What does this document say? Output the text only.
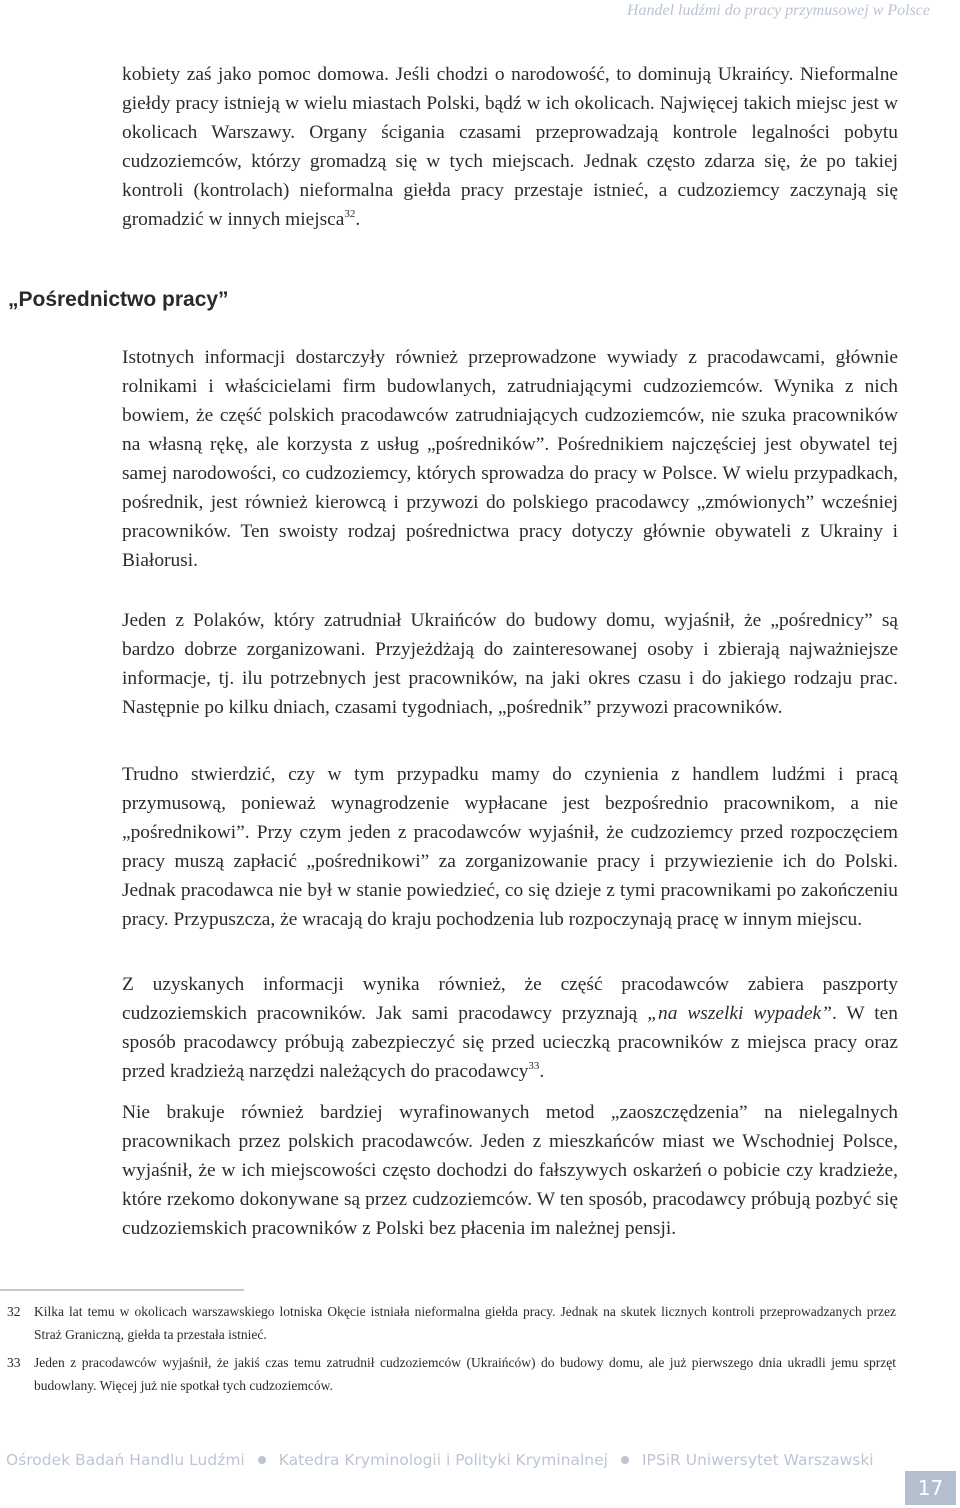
Handel ludźmi do pracy przymusowej w Polsce

kobiety zaś jako pomoc domowa. Jeśli chodzi o narodowość, to dominują Ukraińcy. Nieformalne giełdy pracy istnieją w wielu miastach Polski, bądź w ich okolicach. Najwięcej takich miejsc jest w okolicach Warszawy. Organy ścigania czasami przeprowadzają kontrole legalności pobytu cudzoziemców, którzy gromadzą się w tych miejscach. Jednak często zdarza się, że po takiej kontroli (kontrolach) nieformalna giełda pracy przestaje istnieć, a cudzoziemcy zaczynają się gromadzić w innych miejsca$^{32}$.

„Pośrednictwo pracy”

Istotnych informacji dostarczyły również przeprowadzone wywiady z pracodawcami, głównie rolnikami i właścicielami firm budowlanych, zatrudniającymi cudzoziemców. Wynika z nich bowiem, że część polskich pracodawców zatrudniających cudzoziemców, nie szuka pracowników na własną rękę, ale korzysta z usług „pośredników”. Pośrednikiem najczęściej jest obywatel tej samej narodowości, co cudzoziemcy, których sprowadza do pracy w Polsce. W wielu przypadkach, pośrednik, jest również kierowcą i przywozi do polskiego pracodawcy „zmówionych” wcześniej pracowników. Ten swoisty rodzaj pośrednictwa pracy dotyczy głównie obywateli z Ukrainy i Białorusi.

Jeden z Polaków, który zatrudniał Ukraińców do budowy domu, wyjaśnił, że „pośrednicy” są bardzo dobrze zorganizowani. Przyjeżdżają do zainteresowanej osoby i zbierają najważniejsze informacje, tj. ilu potrzebnych jest pracowników, na jaki okres czasu i do jakiego rodzaju prac. Następnie po kilku dniach, czasami tygodniach, „pośrednik” przywozi pracowników.

Trudno stwierdzić, czy w tym przypadku mamy do czynienia z handlem ludźmi i pracą przymusową, ponieważ wynagrodzenie wypłacane jest bezpośrednio pracownikom, a nie „pośrednikowi”. Przy czym jeden z pracodawców wyjaśnił, że cudzoziemcy przed rozpoczęciem pracy muszą zapłacić „pośrednikowi” za zorganizowanie pracy i przywiezienie ich do Polski. Jednak pracodawca nie był w stanie powiedzieć, co się dzieje z tymi pracownikami po zakończeniu pracy. Przypuszcza, że wracają do kraju pochodzenia lub rozpoczynają pracę w innym miejscu.

Z uzyskanych informacji wynika również, że część pracodawców zabiera paszporty cudzoziemskich pracowników. Jak sami pracodawcy przyznają „na wszelki wypadek”. W ten sposób pracodawcy próbują zabezpieczyć się przed ucieczką pracowników z miejsca pracy oraz przed kradzieżą narzędzi należących do pracodawcy$^{33}$.

Nie brakuje również bardziej wyrafinowanych metod „zaoszczędzenia” na nielegalnych pracownikach przez polskich pracodawców. Jeden z mieszkańców miast we Wschodniej Polsce, wyjaśnił, że w ich miejscowości często dochodzi do fałszywych oskarżeń o pobicie czy kradzieże, które rzekomo dokonywane są przez cudzoziemców. W ten sposób, pracodawcy próbują pozbyć się cudzoziemskich pracowników z Polski bez płacenia im należnej pensji.

32 Kilka lat temu w okolicach warszawskiego lotniska Okęcie istniała nieformalna giełda pracy. Jednak na skutek licznych kontroli przeprowadzanych przez Straż Graniczną, giełda ta przestała istnieć.
33 Jeden z pracodawców wyjaśnił, że jakiś czas temu zatrudnił cudzoziemców (Ukraińców) do budowy domu, ale już pierwszego dnia ukradli jemu sprzęt budowlany. Więcej już nie spotkał tych cudzoziemców.
Ośrodek Badań Handlu Ludźmi Katedra Kryminologii i Polityki Kryminalnej IPSiR Uniwersytet Warszawski
17
